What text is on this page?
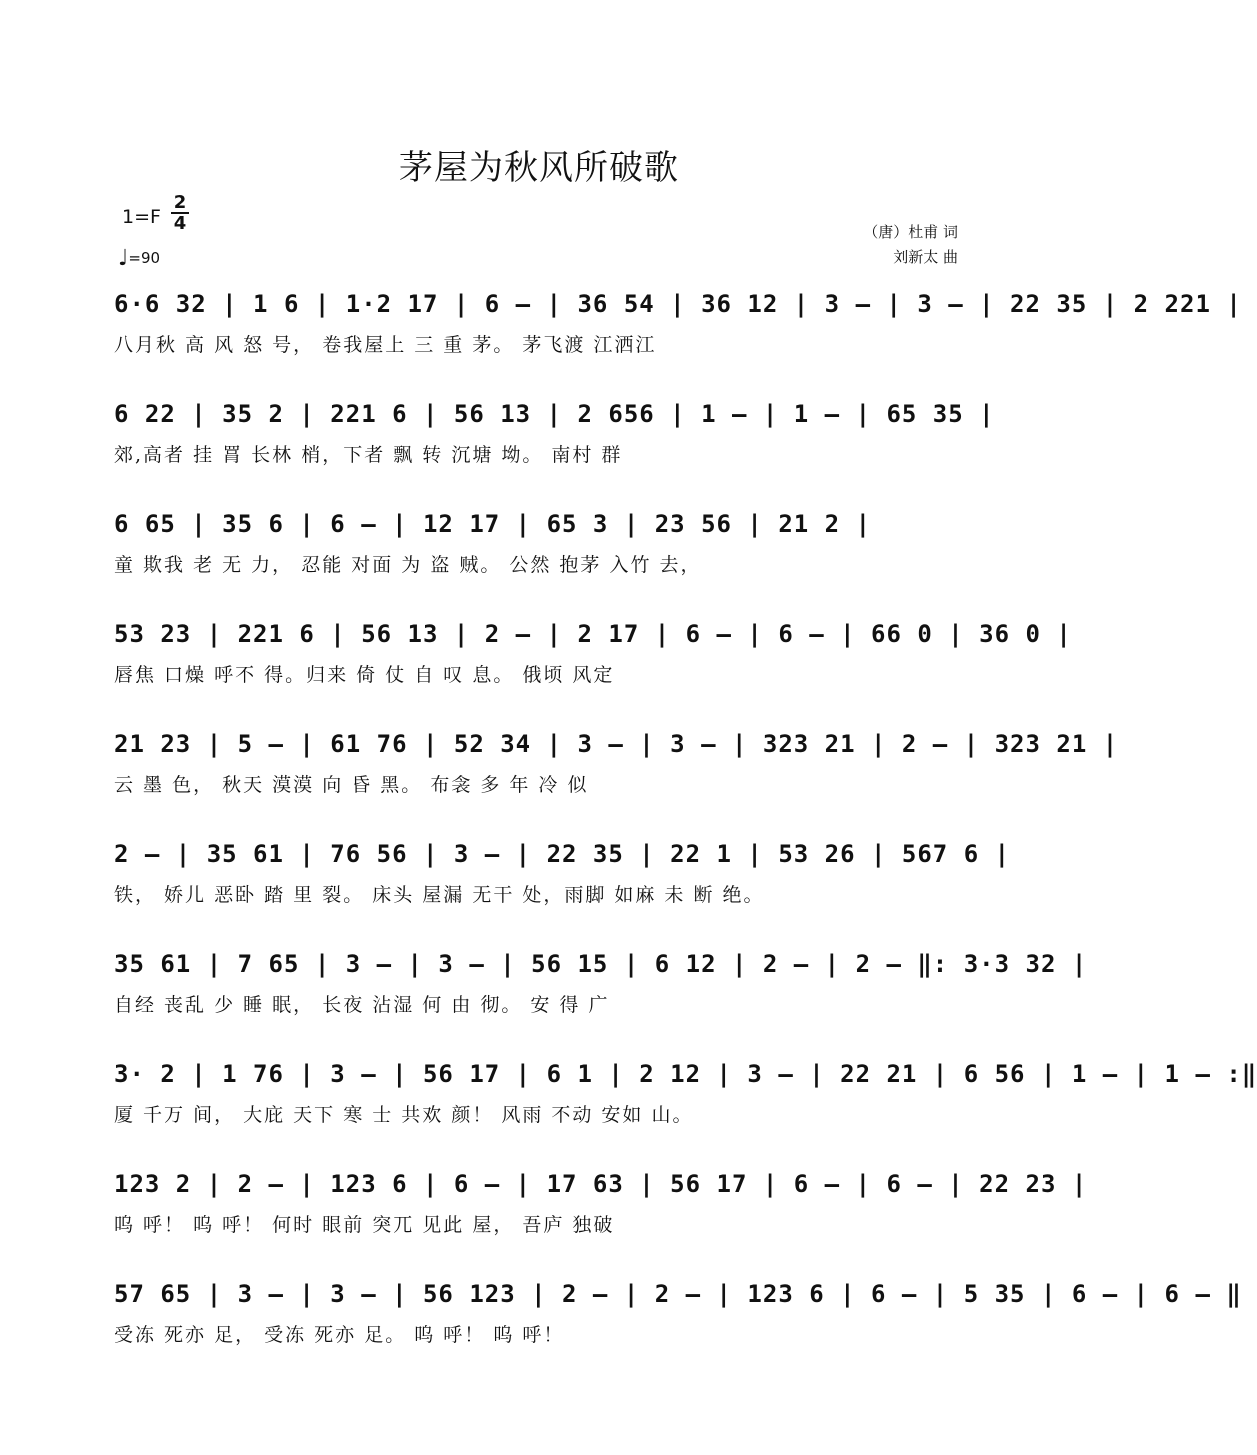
茅屋为秋风所破歌
1=F
2
4
♩=90
（唐）杜甫 词
刘新太 曲
6·6 32 | 1 6 | 1·2 17 | 6 – | 36 54 | 36 12 | 3 – | 3 – | 22 35 | 2 221 |
八月秋 高 风 怒 号， 卷我屋上 三 重 茅。 茅飞渡 江洒江
6 22 | 35 2 | 221 6 | 56 13 | 2 656 | 1 – | 1 – | 65 35 |
郊,高者 挂 罥 长林 梢，下者 飘 转 沉塘 坳。 南村 群
6 65 | 35 6 | 6 – | 12 17 | 65 3 | 23 56 | 21 2 |
童 欺我 老 无 力， 忍能 对面 为 盗 贼。 公然 抱茅 入竹 去，
53 23 | 221 6 | 56 13 | 2 – | 2 17 | 6 – | 6 – | 66 0 | 36 0 |
唇焦 口燥 呼不 得。归来 倚 仗 自 叹 息。 俄顷 风定
21 23 | 5 – | 61 76 | 52 34 | 3 – | 3 – | 323 21 | 2 – | 323 21 |
云 墨 色， 秋天 漠漠 向 昏 黑。 布衾 多 年 冷 似
2 – | 35 61 | 76 56 | 3 – | 22 35 | 22 1 | 53 26 | 567 6 |
铁， 娇儿 恶卧 踏 里 裂。 床头 屋漏 无干 处，雨脚 如麻 未 断 绝。
35 61 | 7 65 | 3 – | 3 – | 56 15 | 6 12 | 2 – | 2 – ‖: 3·3 32 |
自经 丧乱 少 睡 眠， 长夜 沾湿 何 由 彻。 安 得 广
3· 2 | 1 76 | 3 – | 56 17 | 6 1 | 2 12 | 3 – | 22 21 | 6 56 | 1 – | 1 – :‖
厦 千万 间， 大庇 天下 寒 士 共欢 颜！ 风雨 不动 安如 山。
123 2 | 2 – | 123 6 | 6 – | 17 63 | 56 17 | 6 – | 6 – | 22 23 |
呜 呼！ 呜 呼！ 何时 眼前 突兀 见此 屋， 吾庐 独破
57 65 | 3 – | 3 – | 56 123 | 2 – | 2 – | 123 6 | 6 – | 5 35 | 6 – | 6 – ‖
受冻 死亦 足， 受冻 死亦 足。 呜 呼！ 呜 呼！
